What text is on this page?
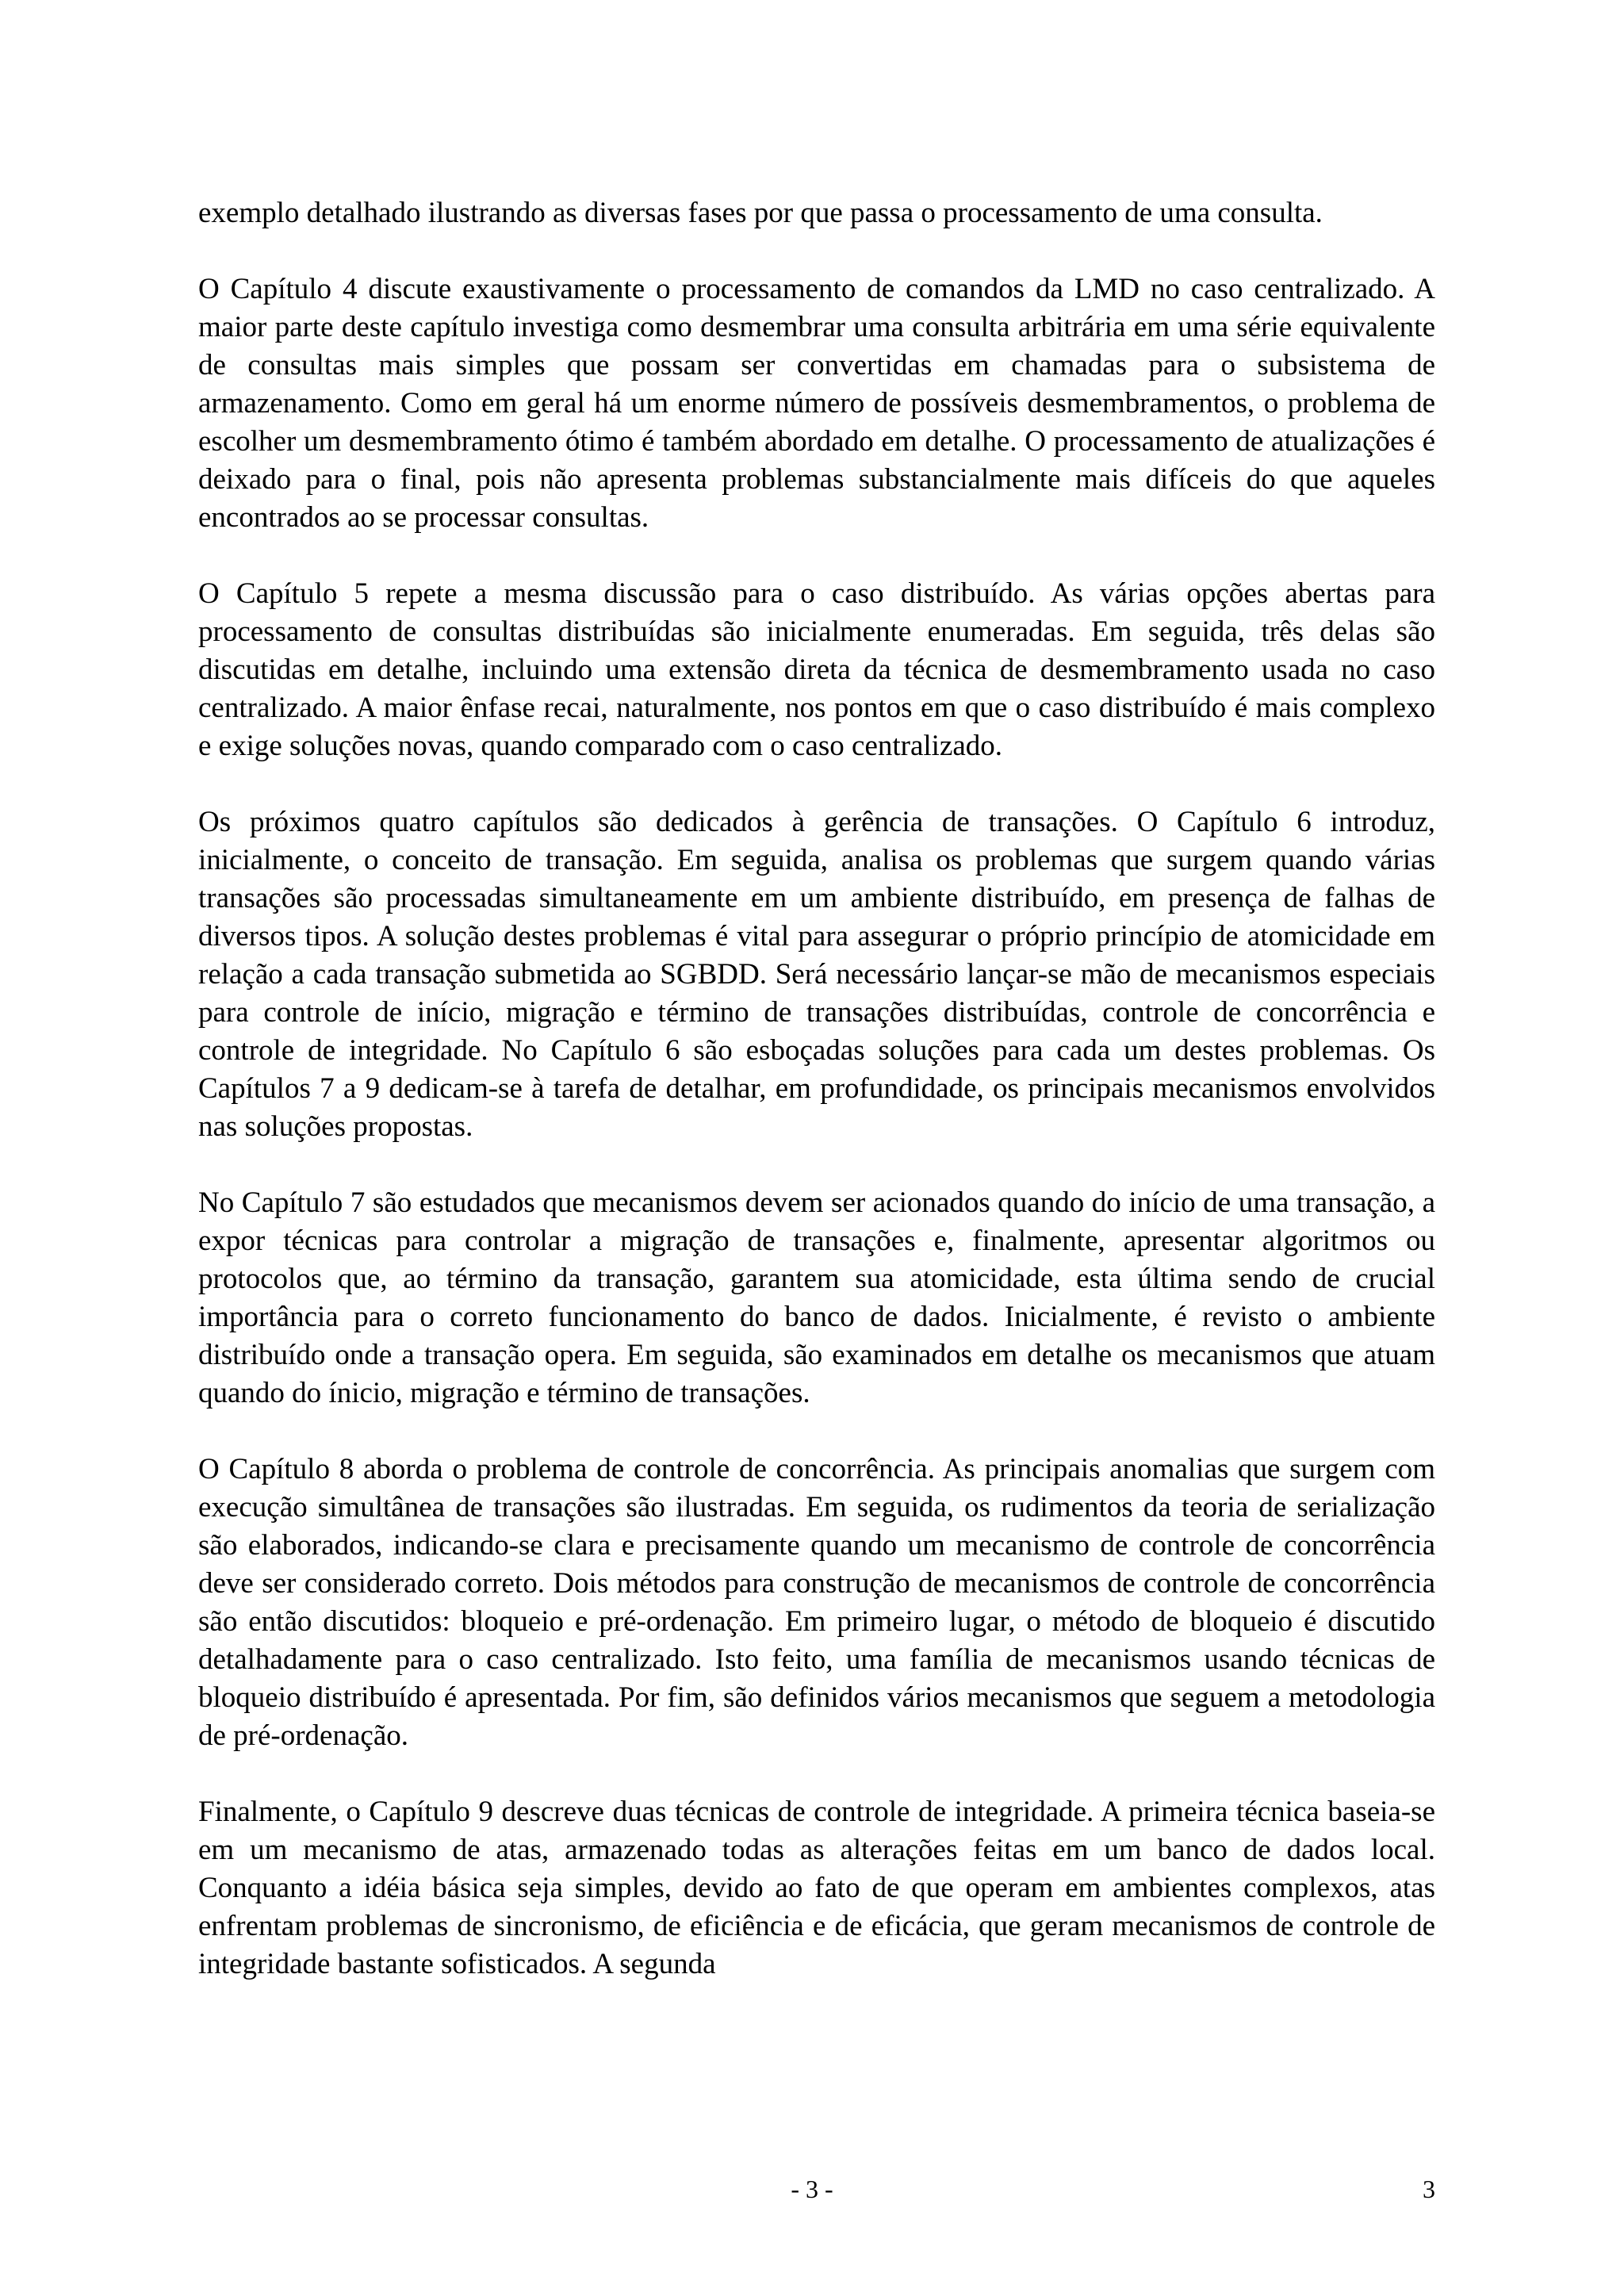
exemplo detalhado ilustrando as diversas fases por que passa o processamento de uma consulta.

O Capítulo 4 discute exaustivamente o processamento de comandos da LMD no caso centralizado. A maior parte deste capítulo investiga como desmembrar uma consulta arbitrária em uma série equivalente de consultas mais simples que possam ser convertidas em chamadas para o subsistema de armazenamento. Como em geral há um enorme número de possíveis desmembramentos, o problema de escolher um desmembramento ótimo é também abordado em detalhe. O processamento de atualizações é deixado para o final, pois não apresenta problemas substancialmente mais difíceis do que aqueles encontrados ao se processar consultas.

O Capítulo 5 repete a mesma discussão para o caso distribuído. As várias opções abertas para processamento de consultas distribuídas são inicialmente enumeradas. Em seguida, três delas são discutidas em detalhe, incluindo uma extensão direta da técnica de desmembramento usada no caso centralizado. A maior ênfase recai, naturalmente, nos pontos em que o caso distribuído é mais complexo e exige soluções novas, quando comparado com o caso centralizado.

Os próximos quatro capítulos são dedicados à gerência de transações. O Capítulo 6 introduz, inicialmente, o conceito de transação. Em seguida, analisa os problemas que surgem quando várias transações são processadas simultaneamente em um ambiente distribuído, em presença de falhas de diversos tipos. A solução destes problemas é vital para assegurar o próprio princípio de atomicidade em relação a cada transação submetida ao SGBDD. Será necessário lançar-se mão de mecanismos especiais para controle de início, migração e término de transações distribuídas, controle de concorrência e controle de integridade. No Capítulo 6 são esboçadas soluções para cada um destes problemas. Os Capítulos 7 a 9 dedicam-se à tarefa de detalhar, em profundidade, os principais mecanismos envolvidos nas soluções propostas.

No Capítulo 7 são estudados que mecanismos devem ser acionados quando do início de uma transação, a expor técnicas para controlar a migração de transações e, finalmente, apresentar algoritmos ou protocolos que, ao término da transação, garantem sua atomicidade, esta última sendo de crucial importância para o correto funcionamento do banco de dados. Inicialmente, é revisto o ambiente distribuído onde a transação opera. Em seguida, são examinados em detalhe os mecanismos que atuam quando do ínicio, migração e término de transações.

O Capítulo 8 aborda o problema de controle de concorrência. As principais anomalias que surgem com execução simultânea de transações são ilustradas. Em seguida, os rudimentos da teoria de serialização são elaborados, indicando-se clara e precisamente quando um mecanismo de controle de concorrência deve ser considerado correto. Dois métodos para construção de mecanismos de controle de concorrência são então discutidos: bloqueio e pré-ordenação. Em primeiro lugar, o método de bloqueio é discutido detalhadamente para o caso centralizado. Isto feito, uma família de mecanismos usando técnicas de bloqueio distribuído é apresentada. Por fim, são definidos vários mecanismos que seguem a metodologia de pré-ordenação.

Finalmente, o Capítulo 9 descreve duas técnicas de controle de integridade. A primeira técnica baseia-se em um mecanismo de atas, armazenado todas as alterações feitas em um banco de dados local. Conquanto a idéia básica seja simples, devido ao fato de que operam em ambientes complexos, atas enfrentam problemas de sincronismo, de eficiência e de eficácia, que geram mecanismos de controle de integridade bastante sofisticados. A segunda

- 3 -	3
